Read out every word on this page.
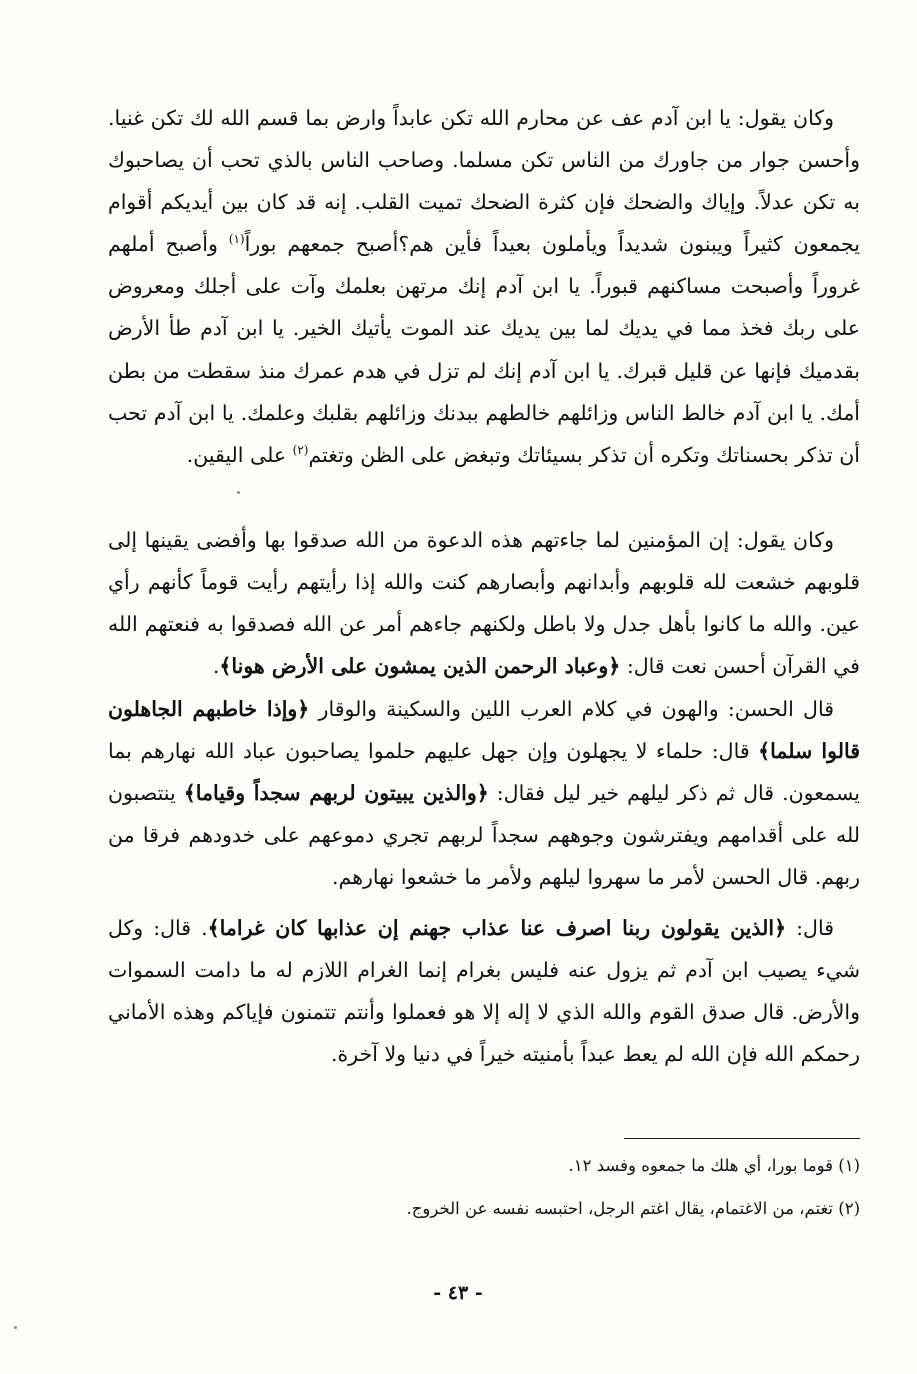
وكان يقول: يا ابن آدم عف عن محارم الله تكن عابداً وارض بما قسم الله لك تكن غنيا. وأحسن جوار من جاورك من الناس تكن مسلما. وصاحب الناس بالذي تحب أن يصاحبوك به تكن عدلاً. وإياك والضحك فإن كثرة الضحك تميت القلب. إنه قد كان بين أيديكم أقوام يجمعون كثيراً ويبنون شديداً ويأملون بعيداً فأين هم؟أصبح جمعهم بوراً$^{(١)}$ وأصبح أملهم غروراً وأصبحت مساكنهم قبوراً. يا ابن آدم إنك مرتهن بعلمك وآت على أجلك ومعروض على ربك فخذ مما في يديك لما بين يديك عند الموت يأتيك الخير. يا ابن آدم طأ الأرض بقدميك فإنها عن قليل قبرك. يا ابن آدم إنك لم تزل في هدم عمرك منذ سقطت من بطن أمك. يا ابن آدم خالط الناس وزائلهم خالطهم ببدنك وزائلهم بقلبك وعلمك. يا ابن آدم تحب أن تذكر بحسناتك وتكره أن تذكر بسيئاتك وتبغض على الظن وتغتم$^{(٢)}$ على اليقين.

وكان يقول: إن المؤمنين لما جاءتهم هذه الدعوة من الله صدقوا بها وأفضى يقينها إلى قلوبهم خشعت لله قلوبهم وأبدانهم وأبصارهم كنت والله إذا رأيتهم رأيت قوماً كأنهم رأي عين. والله ما كانوا بأهل جدل ولا باطل ولكنهم جاءهم أمر عن الله فصدقوا به فنعتهم الله في القرآن أحسن نعت قال: ﴿وعباد الرحمن الذين يمشون على الأرض هونا﴾.

قال الحسن: والهون في كلام العرب اللين والسكينة والوقار ﴿وإذا خاطبهم الجاهلون قالوا سلما﴾ قال: حلماء لا يجهلون وإن جهل عليهم حلموا يصاحبون عباد الله نهارهم بما يسمعون. قال ثم ذكر ليلهم خير ليل فقال: ﴿والذين يبيتون لربهم سجداً وقياما﴾ ينتصبون لله على أقدامهم ويفترشون وجوههم سجداً لربهم تجري دموعهم على خدودهم فرقا من ربهم. قال الحسن لأمر ما سهروا ليلهم ولأمر ما خشعوا نهارهم.

قال: ﴿الذين يقولون ربنا اصرف عنا عذاب جهنم إن عذابها كان غراما﴾. قال: وكل شيء يصيب ابن آدم ثم يزول عنه فليس بغرام إنما الغرام اللازم له ما دامت السموات والأرض. قال صدق القوم والله الذي لا إله إلا هو فعملوا وأنتم تتمنون فإياكم وهذه الأماني رحمكم الله فإن الله لم يعط عبداً بأمنيته خيراً في دنيا ولا آخرة.

(١) قوما بورا، أي هلك ما جمعوه وفسد ١٢.
(٢) تغتم، من الاغتمام، يقال اغتم الرجل، احتبسه نفسه عن الخروج.
- ٤٣ -
